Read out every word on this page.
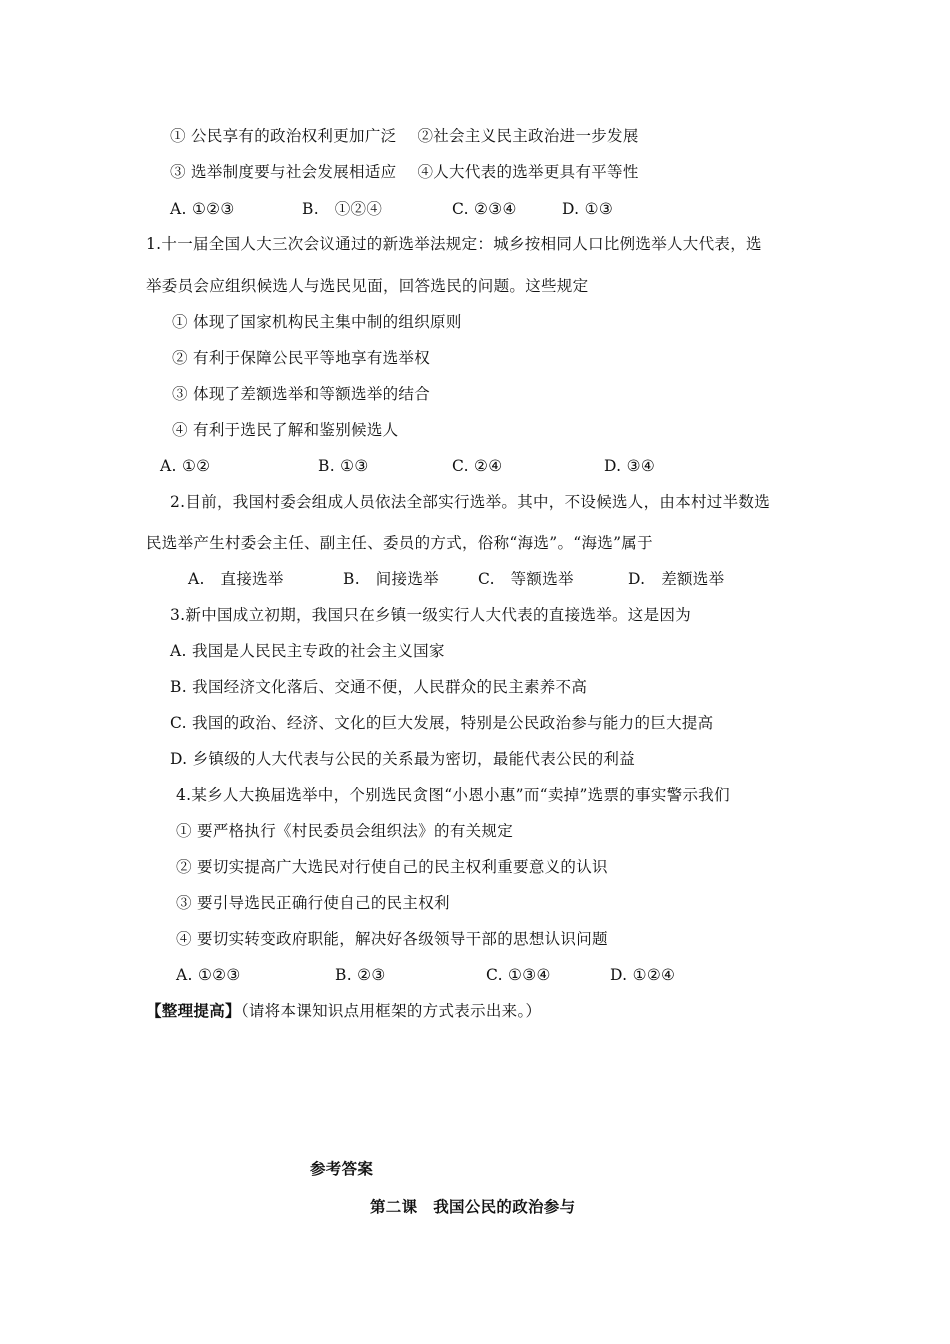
① 公民享有的政治权利更加广泛　 ②社会主义民主政治进一步发展
③ 选举制度要与社会发展相适应　 ④人大代表的选举更具有平等性
A. ①②③	B.　①②④	C. ②③④	D. ①③
1.十一届全国人大三次会议通过的新选举法规定：城乡按相同人口比例选举人大代表，选
举委员会应组织候选人与选民见面，回答选民的问题。这些规定
① 体现了国家机构民主集中制的组织原则
② 有利于保障公民平等地享有选举权
③ 体现了差额选举和等额选举的结合
④ 有利于选民了解和鉴别候选人
A. ①②	B. ①③	C. ②④	D. ③④
2.目前，我国村委会组成人员依法全部实行选举。其中，不设候选人，由本村过半数选
民选举产生村委会主任、副主任、委员的方式，俗称“海选”。“海选”属于
A.　直接选举	B.　间接选举	C.　等额选举	D.　差额选举
3.新中国成立初期，我国只在乡镇一级实行人大代表的直接选举。这是因为
A. 我国是人民民主专政的社会主义国家
B. 我国经济文化落后、交通不便，人民群众的民主素养不高
C. 我国的政治、经济、文化的巨大发展，特别是公民政治参与能力的巨大提高
D. 乡镇级的人大代表与公民的关系最为密切，最能代表公民的利益
4.某乡人大换届选举中，个别选民贪图“小恩小惠”而“卖掉”选票的事实警示我们
① 要严格执行《村民委员会组织法》的有关规定
② 要切实提高广大选民对行使自己的民主权利重要意义的认识
③ 要引导选民正确行使自己的民主权利
④ 要切实转变政府职能，解决好各级领导干部的思想认识问题
A. ①②③	B. ②③	C. ①③④	D. ①②④
【整理提高】（请将本课知识点用框架的方式表示出来。）
参考答案
第二课　我国公民的政治参与
